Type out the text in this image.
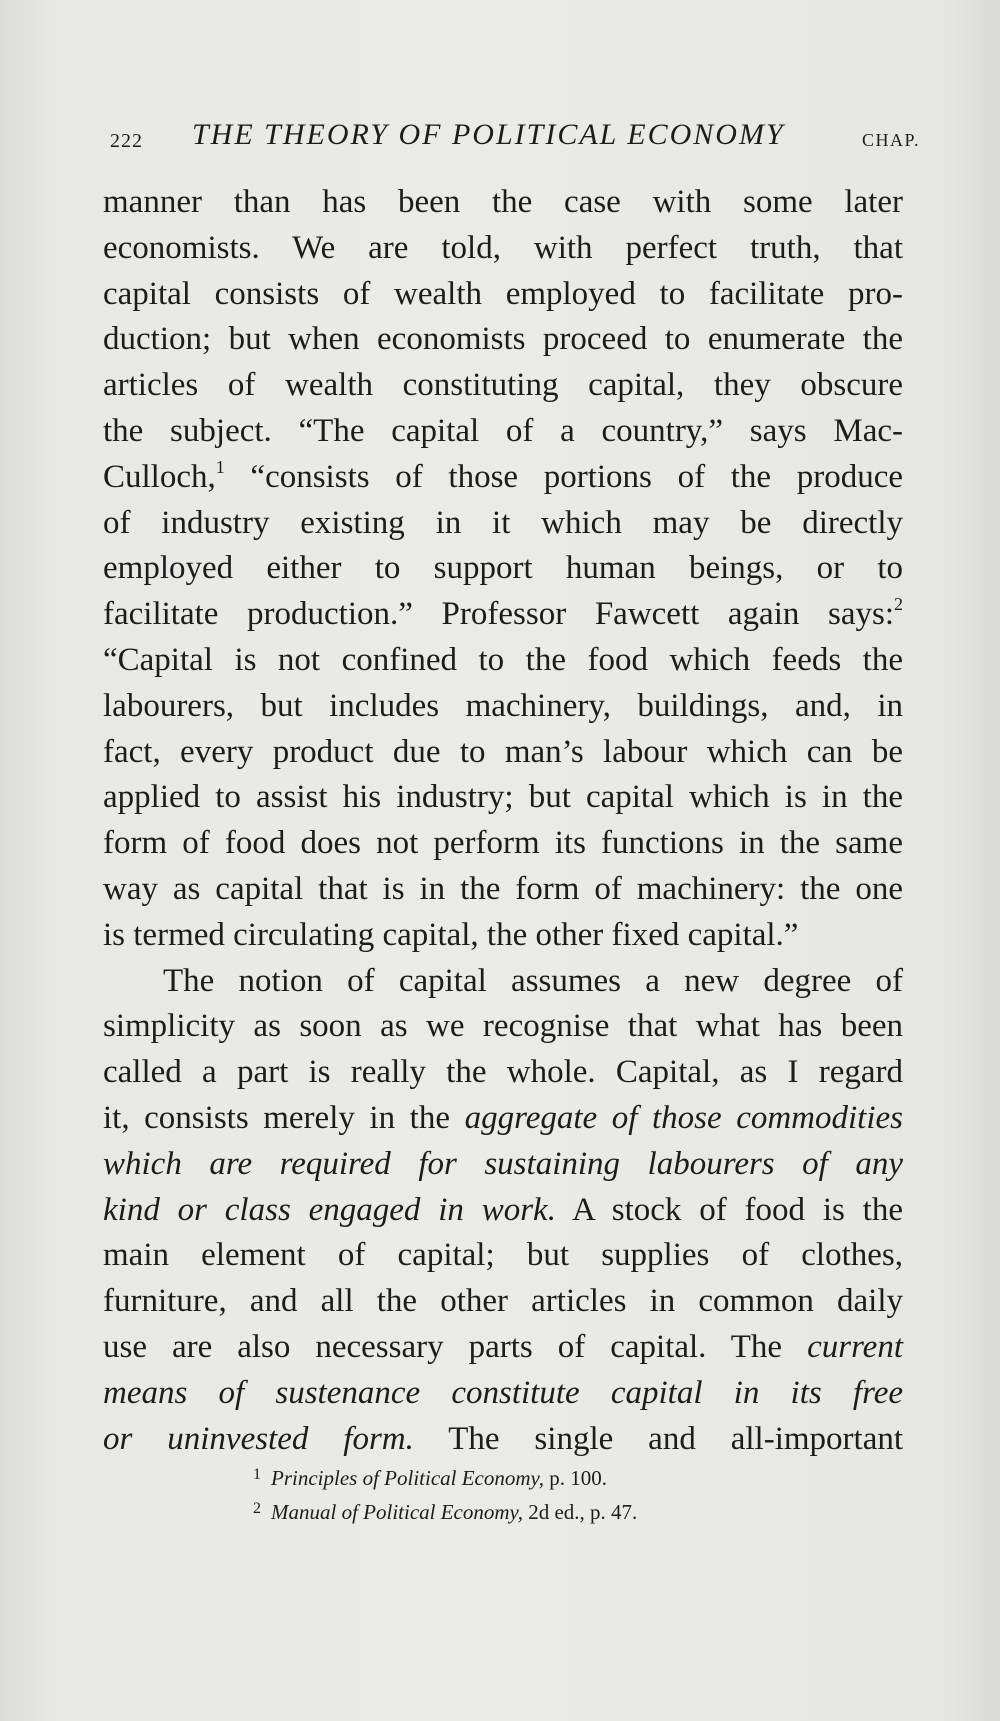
222 THE THEORY OF POLITICAL ECONOMY	CHAP.
manner than has been the case with some later
economists. We are told, with perfect truth, that
capital consists of wealth employed to facilitate pro-
duction; but when economists proceed to enumerate the
articles of wealth constituting capital, they obscure
the subject. “The capital of a country,” says Mac-
Culloch,$^1$ “consists of those portions of the produce
of industry existing in it which may be directly
employed either to support human beings, or to
facilitate production.” Professor Fawcett again says:$^2$
“Capital is not confined to the food which feeds the
labourers, but includes machinery, buildings, and, in
fact, every product due to man’s labour which can be
applied to assist his industry; but capital which is in the
form of food does not perform its functions in the same
way as capital that is in the form of machinery: the one
is termed circulating capital, the other fixed capital.”
The notion of capital assumes a new degree of
simplicity as soon as we recognise that what has been
called a part is really the whole. Capital, as I regard
it, consists merely in the aggregate of those commodities
which are required for sustaining labourers of any
kind or class engaged in work. A stock of food is the
main element of capital; but supplies of clothes,
furniture, and all the other articles in common daily
use are also necessary parts of capital. The current
means of sustenance constitute capital in its free
or uninvested form. The single and all-important
$^1$ Principles of Political Economy, p. 100.
$^2$ Manual of Political Economy, 2d ed., p. 47.
